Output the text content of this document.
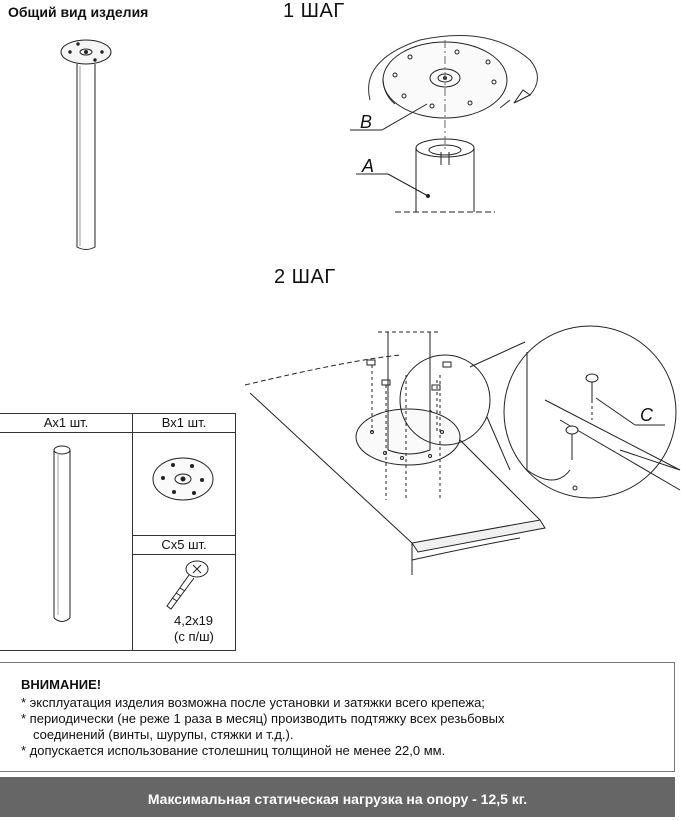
Общий вид изделия	1 ШАГ
2 ШАГ
B
A
C
Ах1 шт.	Вх1 шт.
Сх5 шт.
4,2x19
(с п/ш)
ВНИМАНИЕ!
* эксплуатация изделия возможна после установки и затяжки всего крепежа;
* периодически (не реже 1 раза в месяц) производить подтяжку всех резьбовых
соединений (винты, шурупы, стяжки и т.д.).
* допускается использование столешниц толщиной не менее 22,0 мм.
Максимальная статическая нагрузка на опору - 12,5 кг.
